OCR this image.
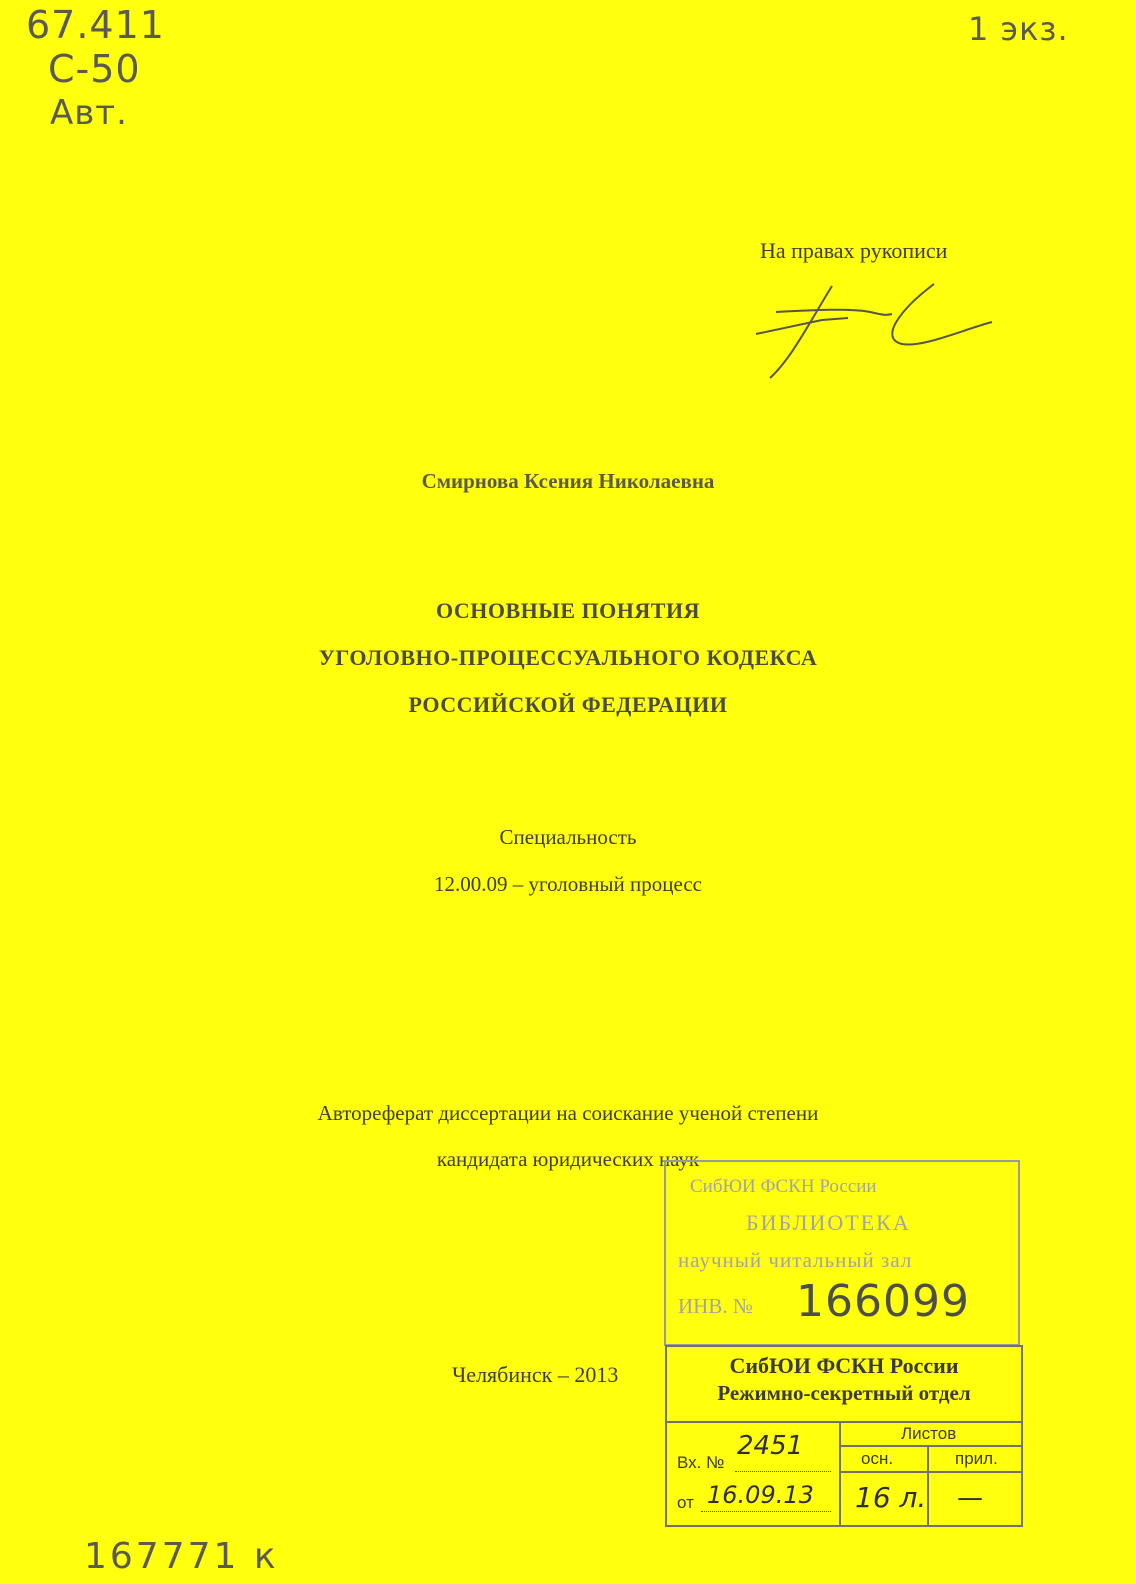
67.411
С-50
Авт.
1 экз.
На правах рукописи
Смирнова Ксения Николаевна
ОСНОВНЫЕ ПОНЯТИЯ
УГОЛОВНО-ПРОЦЕССУАЛЬНОГО КОДЕКСА
РОССИЙСКОЙ ФЕДЕРАЦИИ
Специальность
12.00.09 – уголовный процесс
Автореферат диссертации на соискание ученой степени
кандидата юридических наук
СибЮИ ФСКН России
БИБЛИОТЕКА
научный читальный зал
ИНВ. № 166099
Челябинск – 2013	СибЮИ ФСКН России
Режимно-секретный отдел
Листов
осн.	прил.
Вх. №
2451
от 16.09.13 16 л. —
167771 к
